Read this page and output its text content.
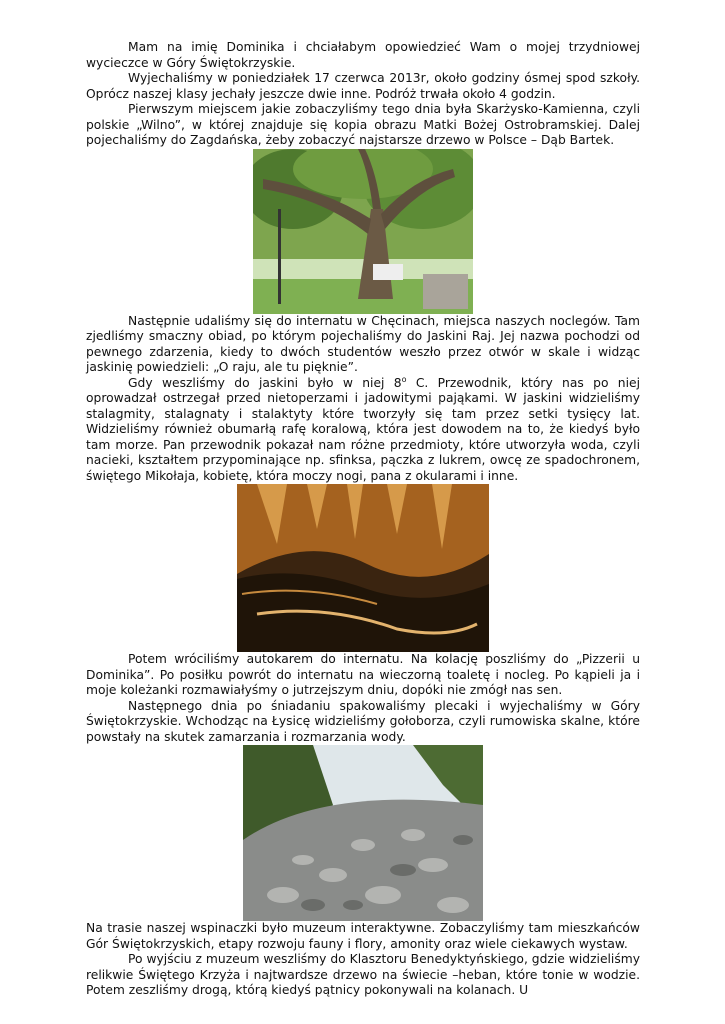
Mam na imię Dominika i chciałabym opowiedzieć Wam o mojej trzydniowej wycieczce w Góry Świętokrzyskie.

Wyjechaliśmy w poniedziałek 17 czerwca 2013r, około godziny ósmej spod szkoły. Oprócz naszej klasy jechały jeszcze dwie inne. Podróż trwała około 4 godzin.

Pierwszym miejscem jakie zobaczyliśmy tego dnia była Skarżysko-Kamienna, czyli polskie „Wilno”, w której znajduje się kopia obrazu Matki Bożej Ostrobramskiej. Dalej pojechaliśmy do Zagdańska, żeby zobaczyć najstarsze drzewo w Polsce – Dąb Bartek.

Następnie udaliśmy się do internatu w Chęcinach, miejsca naszych noclegów. Tam zjedliśmy smaczny obiad, po którym pojechaliśmy do Jaskini Raj. Jej nazwa pochodzi od pewnego zdarzenia, kiedy to dwóch studentów weszło przez otwór w skale i widząc jaskinię powiedzieli: „O raju, ale tu pięknie”.

Gdy weszliśmy do jaskini było w niej 8$^o$ C. Przewodnik, który nas po niej oprowadzał ostrzegał przed nietoperzami i jadowitymi pająkami. W jaskini widzieliśmy stalagmity, stalagnaty i stalaktyty które tworzyły się tam przez setki tysięcy lat. Widzieliśmy również obumarłą rafę koralową, która jest dowodem na to, że kiedyś było tam morze. Pan przewodnik pokazał nam różne przedmioty, które utworzyła woda, czyli nacieki, kształtem przypominające np. sfinksa, pączka z lukrem, owcę ze spadochronem, świętego Mikołaja, kobietę, która moczy nogi, pana z okularami i inne.

Potem wróciliśmy autokarem do internatu. Na kolację poszliśmy do „Pizzerii u Dominika”. Po posiłku powrót do internatu na wieczorną toaletę i nocleg. Po kąpieli ja i moje koleżanki rozmawiałyśmy o jutrzejszym dniu, dopóki nie zmógł nas sen.

Następnego dnia po śniadaniu spakowaliśmy plecaki i wyjechaliśmy w Góry Świętokrzyskie. Wchodząc na Łysicę widzieliśmy gołoborza, czyli rumowiska skalne, które powstały na skutek zamarzania i rozmarzania wody.

Na trasie naszej wspinaczki było muzeum interaktywne. Zobaczyliśmy tam mieszkańców Gór Świętokrzyskich, etapy rozwoju fauny i flory, amonity oraz wiele ciekawych wystaw.

Po wyjściu z muzeum weszliśmy do Klasztoru Benedyktyńskiego, gdzie widzieliśmy relikwie Świętego Krzyża i najtwardsze drzewo na świecie –heban, które tonie w wodzie. Potem zeszliśmy drogą, którą kiedyś pątnicy pokonywali na kolanach. U
